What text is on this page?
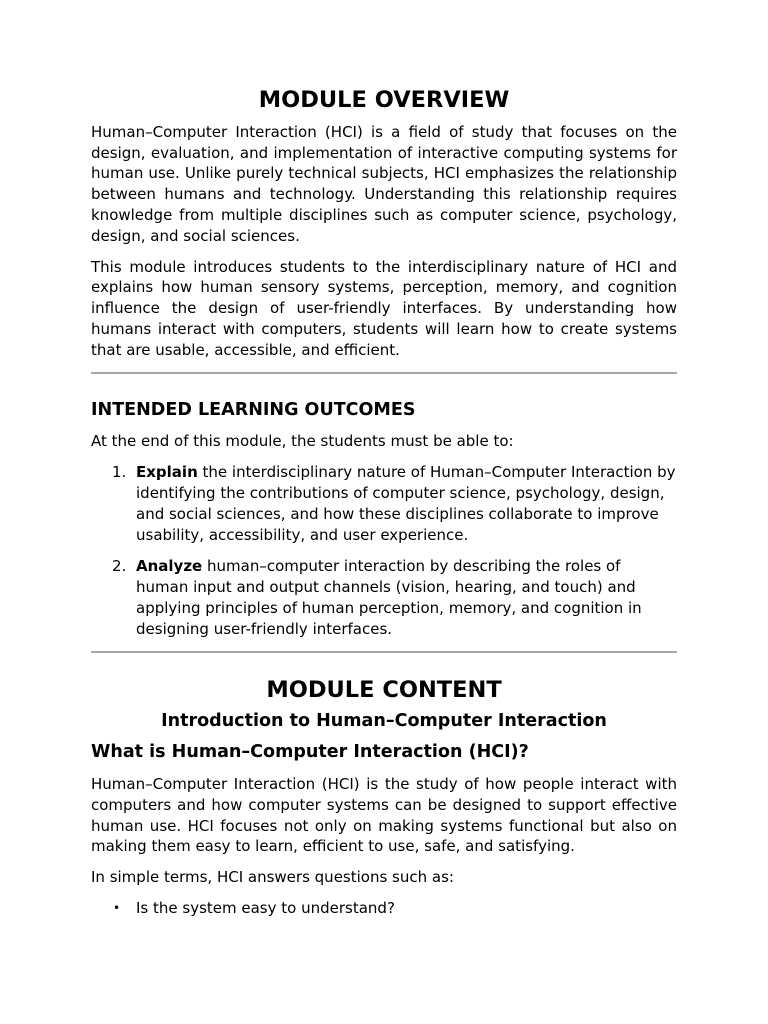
MODULE OVERVIEW

Human–Computer Interaction (HCI) is a field of study that focuses on the design, evaluation, and implementation of interactive computing systems for human use. Unlike purely technical subjects, HCI emphasizes the relationship between humans and technology. Understanding this relationship requires knowledge from multiple disciplines such as computer science, psychology, design, and social sciences.

This module introduces students to the interdisciplinary nature of HCI and explains how human sensory systems, perception, memory, and cognition influence the design of user-friendly interfaces. By understanding how humans interact with computers, students will learn how to create systems that are usable, accessible, and efficient.

INTENDED LEARNING OUTCOMES

At the end of this module, the students must be able to:

1. Explain the interdisciplinary nature of Human–Computer Interaction by identifying the contributions of computer science, psychology, design, and social sciences, and how these disciplines collaborate to improve usability, accessibility, and user experience.
2. Analyze human–computer interaction by describing the roles of human input and output channels (vision, hearing, and touch) and applying principles of human perception, memory, and cognition in designing user-friendly interfaces.
MODULE CONTENT
Introduction to Human–Computer Interaction
What is Human–Computer Interaction (HCI)?

Human–Computer Interaction (HCI) is the study of how people interact with computers and how computer systems can be designed to support effective human use. HCI focuses not only on making systems functional but also on making them easy to learn, efficient to use, safe, and satisfying.

In simple terms, HCI answers questions such as:

• Is the system easy to understand?
